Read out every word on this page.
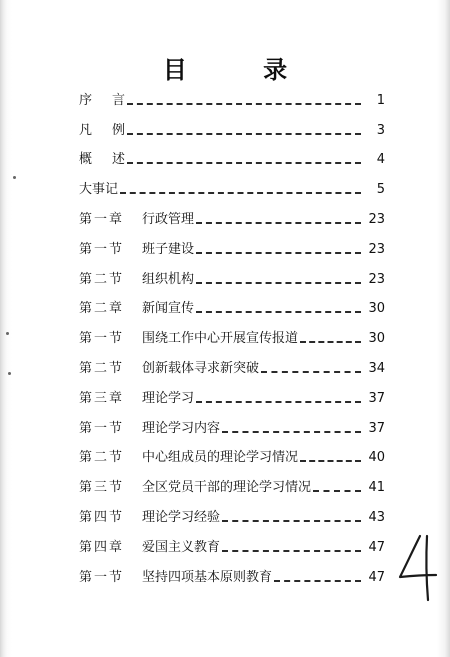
目 录
序 言	1
凡 例	3
概 述	4
大事记	5
第一章	行政管理	23
第一节	班子建设	23
第二节	组织机构	23
第二章	新闻宣传	30
第一节	围绕工作中心开展宣传报道	30
第二节	创新载体寻求新突破	34
第三章	理论学习	37
第一节	理论学习内容	37
第二节	中心组成员的理论学习情况	40
第三节	全区党员干部的理论学习情况	41
第四节	理论学习经验	43
第四章	爱国主义教育	47
第一节	坚持四项基本原则教育	47
